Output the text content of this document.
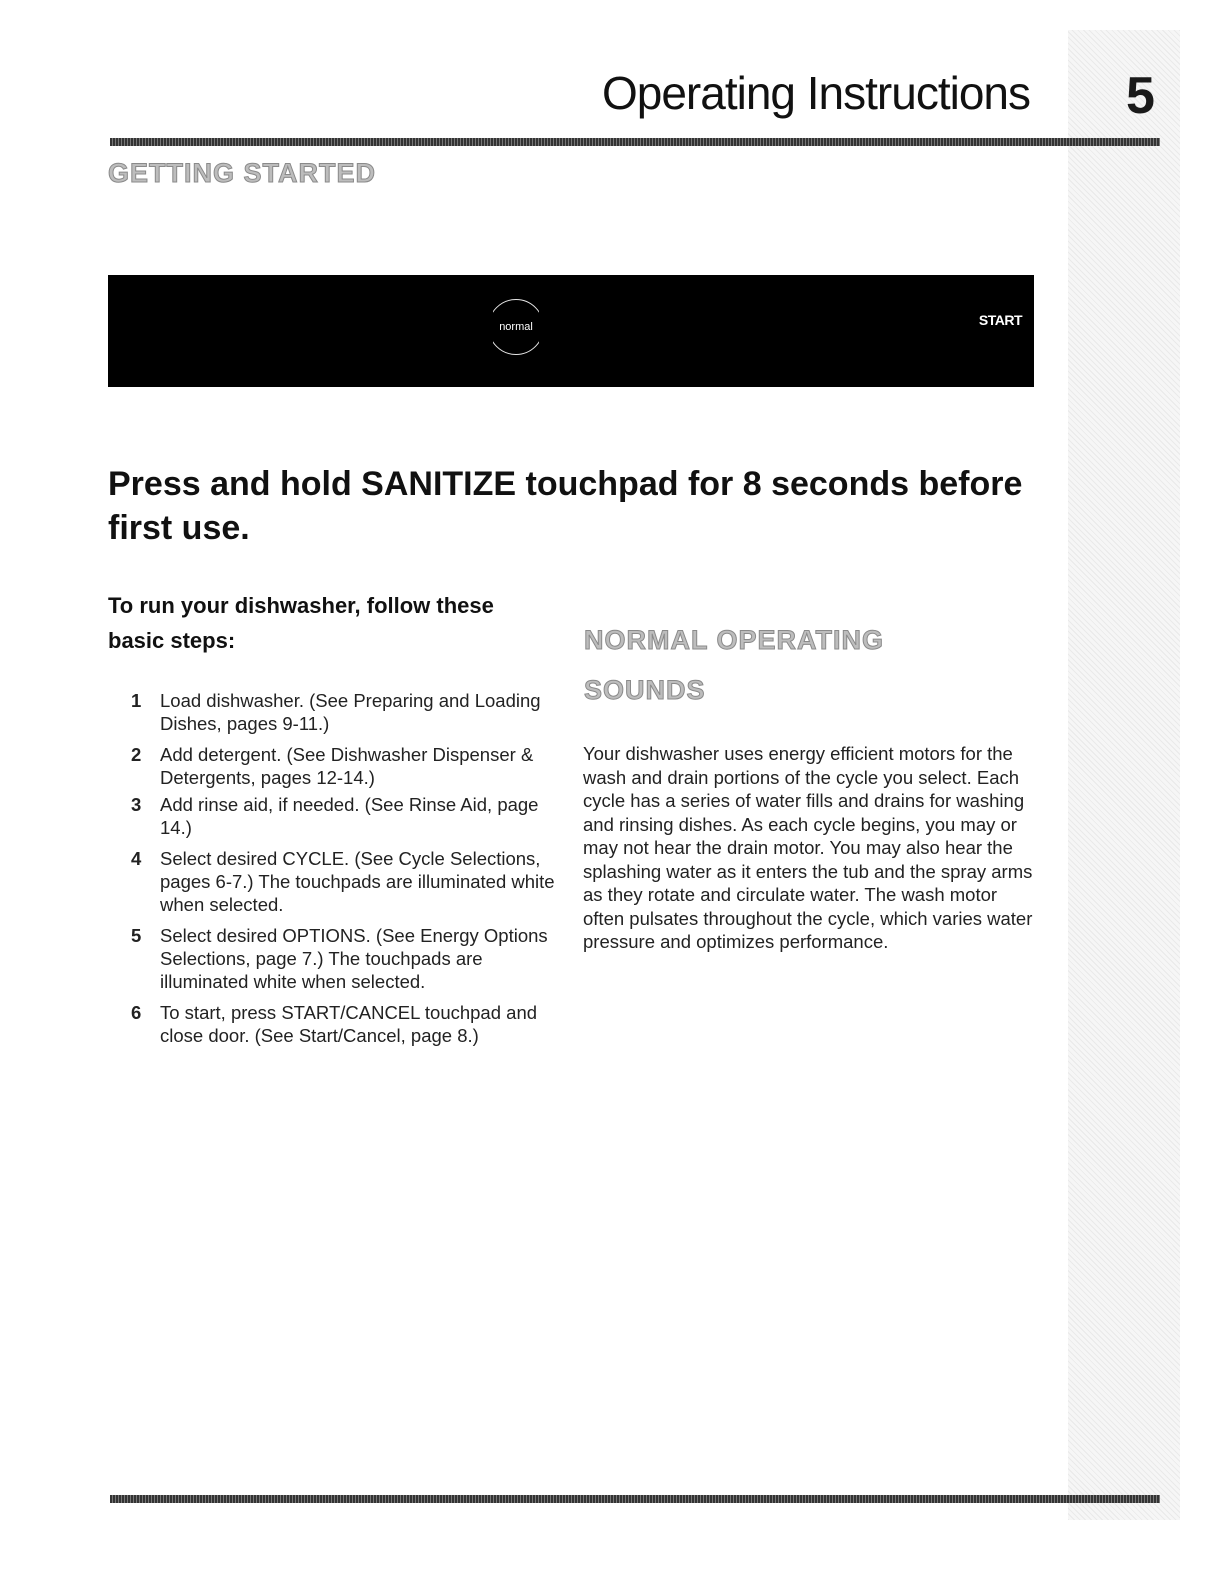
Operating Instructions 5
GETTING STARTED
normal	START

Press and hold SANITIZE touchpad for 8 seconds before first use.

To run your dishwasher, follow these basic steps:

1 Load dishwasher. (See Preparing and Loading Dishes, pages 9-11.)
2 Add detergent. (See Dishwasher Dispenser & Detergents, pages 12-14.)
3 Add rinse aid, if needed. (See Rinse Aid, page 14.)
4 Select desired CYCLE. (See Cycle Selections, pages 6-7.) The touchpads are illuminated white when selected.
5 Select desired OPTIONS. (See Energy Options Selections, page 7.) The touchpads are illuminated white when selected.
6 To start, press START/CANCEL touchpad and close door. (See Start/Cancel, page 8.)
NORMAL OPERATING
SOUNDS

Your dishwasher uses energy efficient motors for the wash and drain portions of the cycle you select. Each cycle has a series of water fills and drains for washing and rinsing dishes. As each cycle begins, you may or may not hear the drain motor. You may also hear the splashing water as it enters the tub and the spray arms as they rotate and circulate water. The wash motor often pulsates throughout the cycle, which varies water pressure and optimizes performance.
